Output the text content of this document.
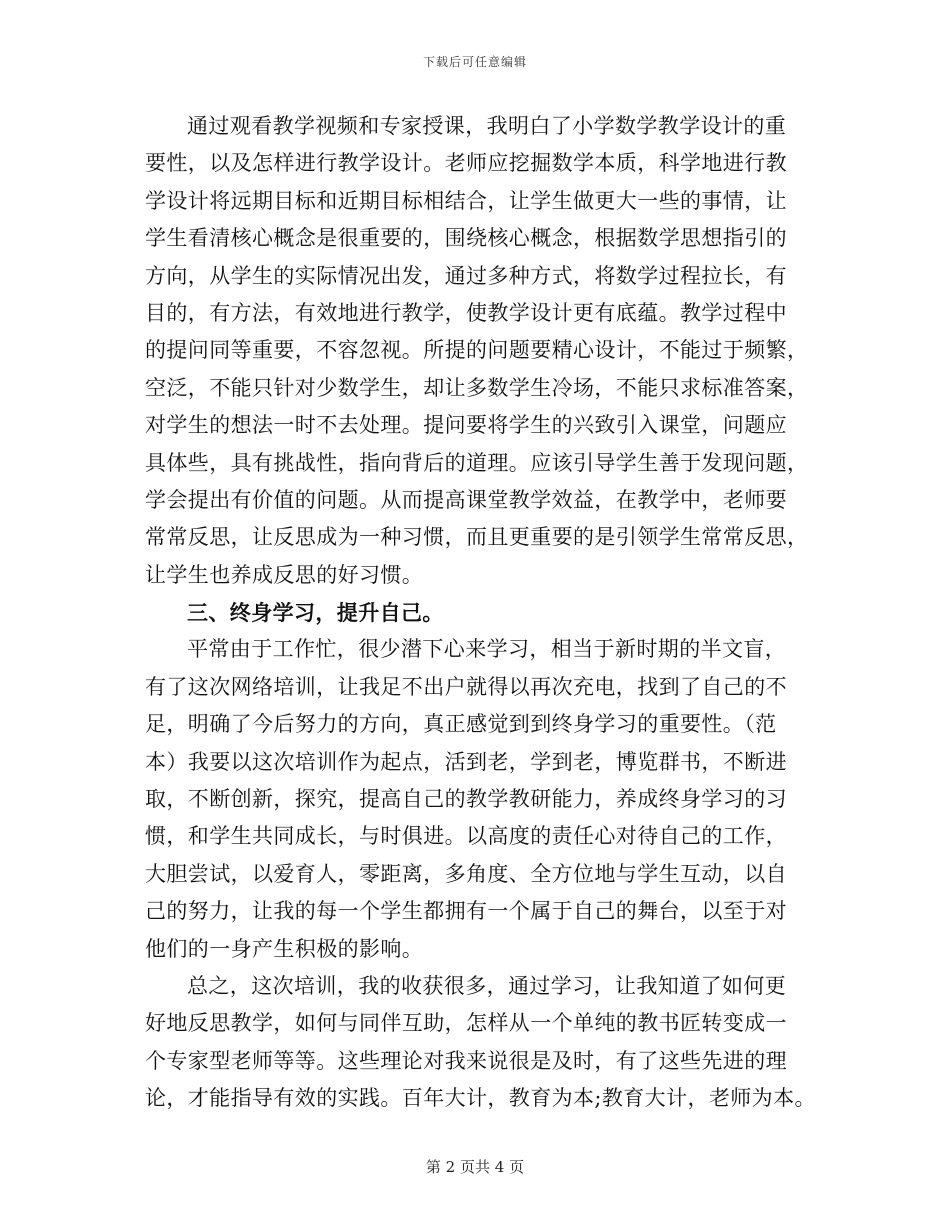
下载后可任意编辑
通过观看教学视频和专家授课，我明白了小学数学教学设计的重
要性，以及怎样进行教学设计。老师应挖掘数学本质，科学地进行教
学设计将远期目标和近期目标相结合，让学生做更大一些的事情，让
学生看清核心概念是很重要的，围绕核心概念，根据数学思想指引的
方向，从学生的实际情况出发，通过多种方式，将数学过程拉长，有
目的，有方法，有效地进行教学，使教学设计更有底蕴。教学过程中
的提问同等重要，不容忽视。所提的问题要精心设计，不能过于频繁，
空泛，不能只针对少数学生，却让多数学生冷场，不能只求标准答案，
对学生的想法一时不去处理。提问要将学生的兴致引入课堂，问题应
具体些，具有挑战性，指向背后的道理。应该引导学生善于发现问题，
学会提出有价值的问题。从而提高课堂教学效益，在教学中，老师要
常常反思，让反思成为一种习惯，而且更重要的是引领学生常常反思，
让学生也养成反思的好习惯。
三、终身学习，提升自己。
平常由于工作忙，很少潜下心来学习，相当于新时期的半文盲，
有了这次网络培训，让我足不出户就得以再次充电，找到了自己的不
足，明确了今后努力的方向，真正感觉到到终身学习的重要性。（范
本）我要以这次培训作为起点，活到老，学到老，博览群书，不断进
取，不断创新，探究，提高自己的教学教研能力，养成终身学习的习
惯，和学生共同成长，与时俱进。以高度的责任心对待自己的工作，
大胆尝试，以爱育人，零距离，多角度、全方位地与学生互动，以自
己的努力，让我的每一个学生都拥有一个属于自己的舞台，以至于对
他们的一身产生积极的影响。
总之，这次培训，我的收获很多，通过学习，让我知道了如何更
好地反思教学，如何与同伴互助，怎样从一个单纯的教书匠转变成一
个专家型老师等等。这些理论对我来说很是及时，有了这些先进的理
论，才能指导有效的实践。百年大计，教育为本;教育大计，老师为本。
第 2 页共 4 页
